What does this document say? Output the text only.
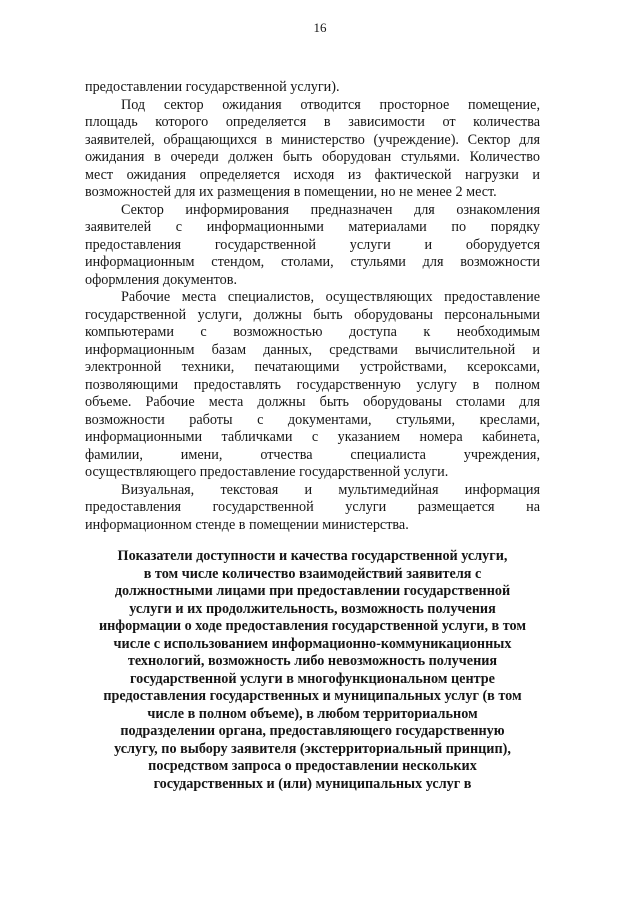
16
предоставлении государственной услуги).
Под сектор ожидания отводится просторное помещение,
площадь которого определяется в зависимости от количества
заявителей, обращающихся в министерство (учреждение). Сектор для
ожидания в очереди должен быть оборудован стульями. Количество
мест ожидания определяется исходя из фактической нагрузки и
возможностей для их размещения в помещении, но не менее 2 мест.
Сектор информирования предназначен для ознакомления
заявителей с информационными материалами по порядку
предоставления государственной услуги и оборудуется
информационным стендом, столами, стульями для возможности
оформления документов.
Рабочие места специалистов, осуществляющих предоставление
государственной услуги, должны быть оборудованы персональными
компьютерами с возможностью доступа к необходимым
информационным базам данных, средствами вычислительной и
электронной техники, печатающими устройствами, ксероксами,
позволяющими предоставлять государственную услугу в полном
объеме. Рабочие места должны быть оборудованы столами для
возможности работы с документами, стульями, креслами,
информационными табличками с указанием номера кабинета,
фамилии, имени, отчества специалиста учреждения,
осуществляющего предоставление государственной услуги.
Визуальная, текстовая и мультимедийная информация
предоставления государственной услуги размещается на
информационном стенде в помещении министерства.
Показатели доступности и качества государственной услуги,
в том числе количество взаимодействий заявителя с
должностными лицами при предоставлении государственной
услуги и их продолжительность, возможность получения
информации о ходе предоставления государственной услуги, в том
числе с использованием информационно-коммуникационных
технологий, возможность либо невозможность получения
государственной услуги в многофункциональном центре
предоставления государственных и муниципальных услуг (в том
числе в полном объеме), в любом территориальном
подразделении органа, предоставляющего государственную
услугу, по выбору заявителя (экстерриториальный принцип),
посредством запроса о предоставлении нескольких
государственных и (или) муниципальных услуг в
